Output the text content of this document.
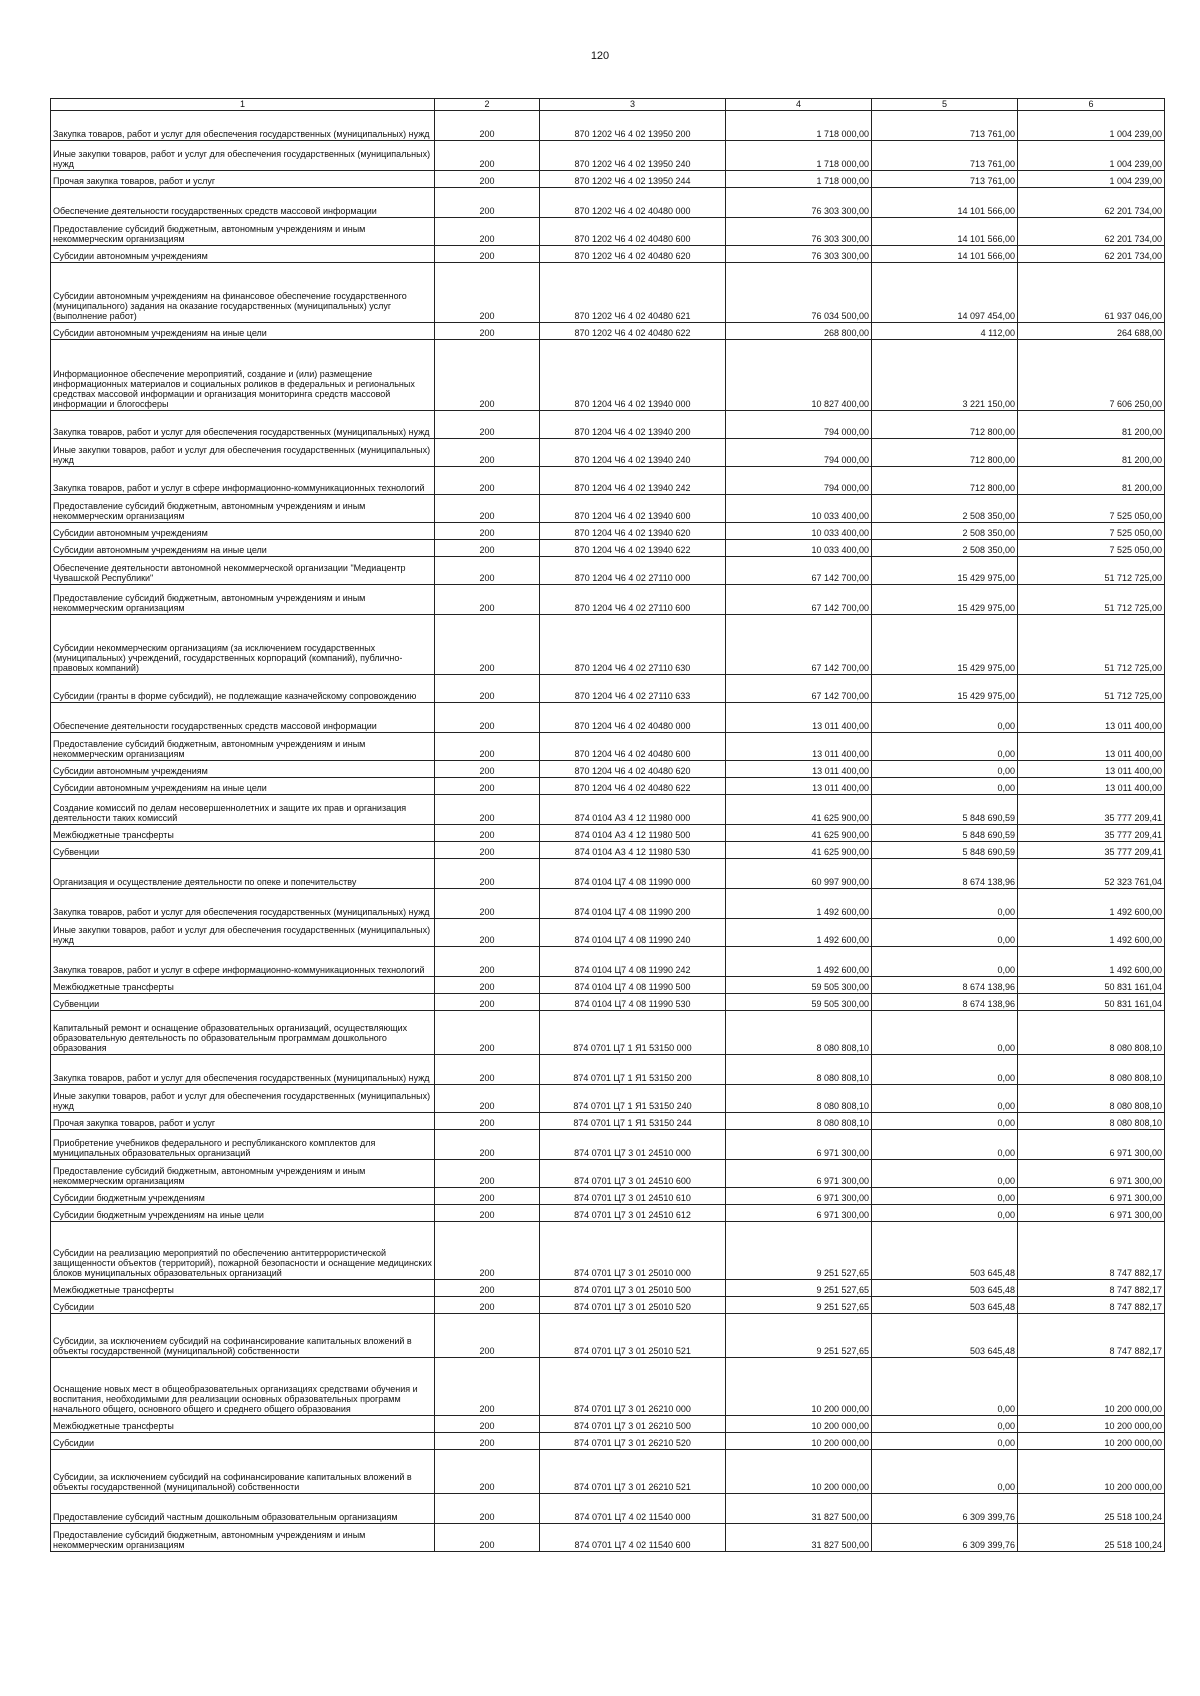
120
1	2	3	4	5	6
Закупка товаров, работ и услуг для обеспечения государственных (муниципальных) нужд	200	870 1202 Ч6 4 02 13950 200	1 718 000,00	713 761,00	1 004 239,00
Иные закупки товаров, работ и услуг для обеспечения государственных (муниципальных) нужд	200	870 1202 Ч6 4 02 13950 240	1 718 000,00	713 761,00	1 004 239,00
Прочая закупка товаров, работ и услуг	200	870 1202 Ч6 4 02 13950 244	1 718 000,00	713 761,00	1 004 239,00
Обеспечение деятельности государственных средств массовой информации	200	870 1202 Ч6 4 02 40480 000	76 303 300,00	14 101 566,00	62 201 734,00
Предоставление субсидий бюджетным, автономным учреждениям и иным некоммерческим организациям	200	870 1202 Ч6 4 02 40480 600	76 303 300,00	14 101 566,00	62 201 734,00
Субсидии автономным учреждениям	200	870 1202 Ч6 4 02 40480 620	76 303 300,00	14 101 566,00	62 201 734,00
Субсидии автономным учреждениям на финансовое обеспечение государственного (муниципального) задания на оказание государственных (муниципальных) услуг (выполнение работ)	200	870 1202 Ч6 4 02 40480 621	76 034 500,00	14 097 454,00	61 937 046,00
Субсидии автономным учреждениям на иные цели	200	870 1202 Ч6 4 02 40480 622	268 800,00	4 112,00	264 688,00
Информационное обеспечение мероприятий, создание и (или) размещение информационных материалов и социальных роликов в федеральных и региональных средствах массовой информации и организация мониторинга средств массовой информации и блогосферы	200	870 1204 Ч6 4 02 13940 000	10 827 400,00	3 221 150,00	7 606 250,00
Закупка товаров, работ и услуг для обеспечения государственных (муниципальных) нужд	200	870 1204 Ч6 4 02 13940 200	794 000,00	712 800,00	81 200,00
Иные закупки товаров, работ и услуг для обеспечения государственных (муниципальных) нужд	200	870 1204 Ч6 4 02 13940 240	794 000,00	712 800,00	81 200,00
Закупка товаров, работ и услуг в сфере информационно-коммуникационных технологий	200	870 1204 Ч6 4 02 13940 242	794 000,00	712 800,00	81 200,00
Предоставление субсидий бюджетным, автономным учреждениям и иным некоммерческим организациям	200	870 1204 Ч6 4 02 13940 600	10 033 400,00	2 508 350,00	7 525 050,00
Субсидии автономным учреждениям	200	870 1204 Ч6 4 02 13940 620	10 033 400,00	2 508 350,00	7 525 050,00
Субсидии автономным учреждениям на иные цели	200	870 1204 Ч6 4 02 13940 622	10 033 400,00	2 508 350,00	7 525 050,00
Обеспечение деятельности автономной некоммерческой организации "Медиацентр Чувашской Республики"	200	870 1204 Ч6 4 02 27110 000	67 142 700,00	15 429 975,00	51 712 725,00
Предоставление субсидий бюджетным, автономным учреждениям и иным некоммерческим организациям	200	870 1204 Ч6 4 02 27110 600	67 142 700,00	15 429 975,00	51 712 725,00
Субсидии некоммерческим организациям (за исключением государственных (муниципальных) учреждений, государственных корпораций (компаний), публично-правовых компаний)	200	870 1204 Ч6 4 02 27110 630	67 142 700,00	15 429 975,00	51 712 725,00
Субсидии (гранты в форме субсидий), не подлежащие казначейскому сопровождению	200	870 1204 Ч6 4 02 27110 633	67 142 700,00	15 429 975,00	51 712 725,00
Обеспечение деятельности государственных средств массовой информации	200	870 1204 Ч6 4 02 40480 000	13 011 400,00	0,00	13 011 400,00
Предоставление субсидий бюджетным, автономным учреждениям и иным некоммерческим организациям	200	870 1204 Ч6 4 02 40480 600	13 011 400,00	0,00	13 011 400,00
Субсидии автономным учреждениям	200	870 1204 Ч6 4 02 40480 620	13 011 400,00	0,00	13 011 400,00
Субсидии автономным учреждениям на иные цели	200	870 1204 Ч6 4 02 40480 622	13 011 400,00	0,00	13 011 400,00
Создание комиссий по делам несовершеннолетних и защите их прав и организация деятельности таких комиссий	200	874 0104 А3 4 12 11980 000	41 625 900,00	5 848 690,59	35 777 209,41
Межбюджетные трансферты	200	874 0104 А3 4 12 11980 500	41 625 900,00	5 848 690,59	35 777 209,41
Субвенции	200	874 0104 А3 4 12 11980 530	41 625 900,00	5 848 690,59	35 777 209,41
Организация и осуществление деятельности по опеке и попечительству	200	874 0104 Ц7 4 08 11990 000	60 997 900,00	8 674 138,96	52 323 761,04
Закупка товаров, работ и услуг для обеспечения государственных (муниципальных) нужд	200	874 0104 Ц7 4 08 11990 200	1 492 600,00	0,00	1 492 600,00
Иные закупки товаров, работ и услуг для обеспечения государственных (муниципальных) нужд	200	874 0104 Ц7 4 08 11990 240	1 492 600,00	0,00	1 492 600,00
Закупка товаров, работ и услуг в сфере информационно-коммуникационных технологий	200	874 0104 Ц7 4 08 11990 242	1 492 600,00	0,00	1 492 600,00
Межбюджетные трансферты	200	874 0104 Ц7 4 08 11990 500	59 505 300,00	8 674 138,96	50 831 161,04
Субвенции	200	874 0104 Ц7 4 08 11990 530	59 505 300,00	8 674 138,96	50 831 161,04
Капитальный ремонт и оснащение образовательных организаций, осуществляющих образовательную деятельность по образовательным программам дошкольного образования	200	874 0701 Ц7 1 Я1 53150 000	8 080 808,10	0,00	8 080 808,10
Закупка товаров, работ и услуг для обеспечения государственных (муниципальных) нужд	200	874 0701 Ц7 1 Я1 53150 200	8 080 808,10	0,00	8 080 808,10
Иные закупки товаров, работ и услуг для обеспечения государственных (муниципальных) нужд	200	874 0701 Ц7 1 Я1 53150 240	8 080 808,10	0,00	8 080 808,10
Прочая закупка товаров, работ и услуг	200	874 0701 Ц7 1 Я1 53150 244	8 080 808,10	0,00	8 080 808,10
Приобретение учебников федерального и республиканского комплектов для муниципальных образовательных организаций	200	874 0701 Ц7 3 01 24510 000	6 971 300,00	0,00	6 971 300,00
Предоставление субсидий бюджетным, автономным учреждениям и иным некоммерческим организациям	200	874 0701 Ц7 3 01 24510 600	6 971 300,00	0,00	6 971 300,00
Субсидии бюджетным учреждениям	200	874 0701 Ц7 3 01 24510 610	6 971 300,00	0,00	6 971 300,00
Субсидии бюджетным учреждениям на иные цели	200	874 0701 Ц7 3 01 24510 612	6 971 300,00	0,00	6 971 300,00
Субсидии на реализацию мероприятий по обеспечению антитеррористической защищенности объектов (территорий), пожарной безопасности и оснащение медицинских блоков муниципальных образовательных организаций	200	874 0701 Ц7 3 01 25010 000	9 251 527,65	503 645,48	8 747 882,17
Межбюджетные трансферты	200	874 0701 Ц7 3 01 25010 500	9 251 527,65	503 645,48	8 747 882,17
Субсидии	200	874 0701 Ц7 3 01 25010 520	9 251 527,65	503 645,48	8 747 882,17
Субсидии, за исключением субсидий на софинансирование капитальных вложений в объекты государственной (муниципальной) собственности	200	874 0701 Ц7 3 01 25010 521	9 251 527,65	503 645,48	8 747 882,17
Оснащение новых мест в общеобразовательных организациях средствами обучения и воспитания, необходимыми для реализации основных образовательных программ начального общего, основного общего и среднего общего образования	200	874 0701 Ц7 3 01 26210 000	10 200 000,00	0,00	10 200 000,00
Межбюджетные трансферты	200	874 0701 Ц7 3 01 26210 500	10 200 000,00	0,00	10 200 000,00
Субсидии	200	874 0701 Ц7 3 01 26210 520	10 200 000,00	0,00	10 200 000,00
Субсидии, за исключением субсидий на софинансирование капитальных вложений в объекты государственной (муниципальной) собственности	200	874 0701 Ц7 3 01 26210 521	10 200 000,00	0,00	10 200 000,00
Предоставление субсидий частным дошкольным образовательным организациям	200	874 0701 Ц7 4 02 11540 000	31 827 500,00	6 309 399,76	25 518 100,24
Предоставление субсидий бюджетным, автономным учреждениям и иным некоммерческим организациям	200	874 0701 Ц7 4 02 11540 600	31 827 500,00	6 309 399,76	25 518 100,24
